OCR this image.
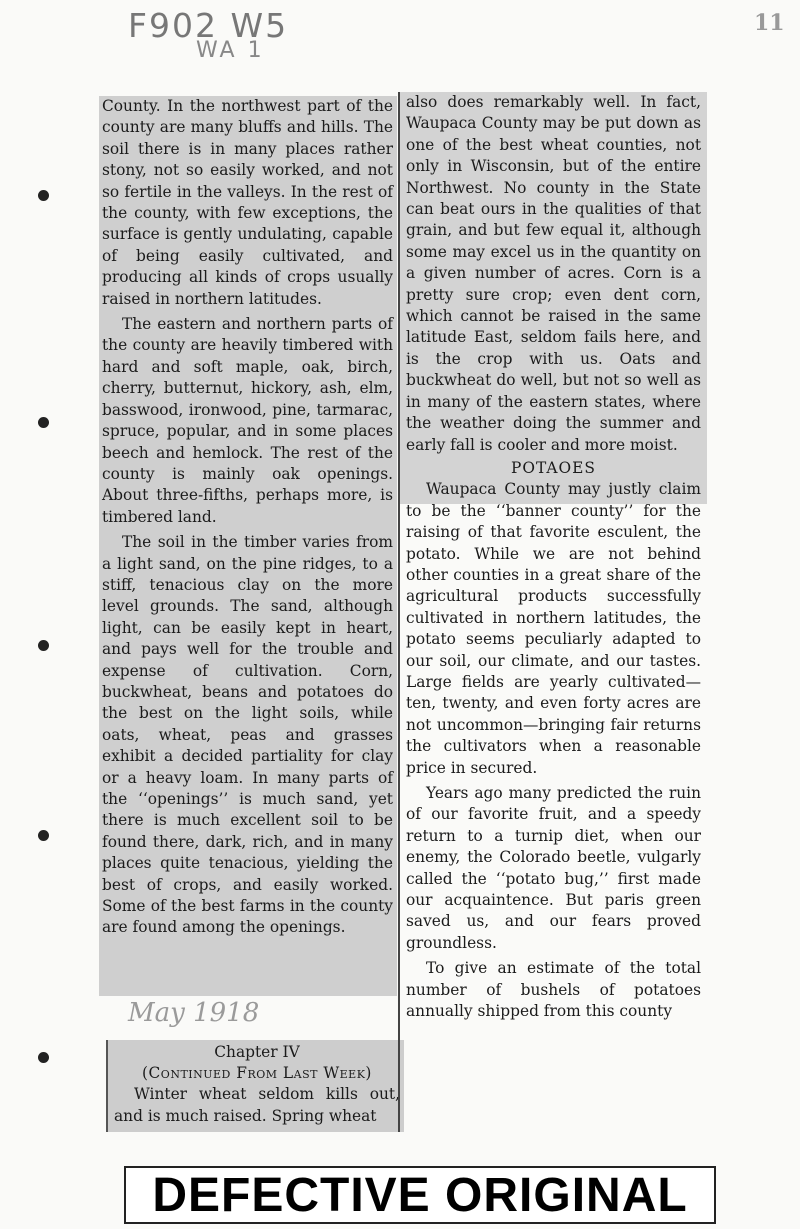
F902 W5
WA 1
11

County. In the northwest part of the county are many bluffs and hills. The soil there is in many places rather stony, not so easily worked, and not so fertile in the valleys. In the rest of the county, with few exceptions, the surface is gently undulating, capable of being easily cultivated, and producing all kinds of crops usually raised in northern latitudes.

The eastern and northern parts of the county are heavily timbered with hard and soft maple, oak, birch, cherry, butternut, hickory, ash, elm, basswood, ironwood, pine, tarmarac, spruce, popular, and in some places beech and hemlock. The rest of the county is mainly oak openings. About three-fifths, perhaps more, is timbered land.

The soil in the timber varies from a light sand, on the pine ridges, to a stiff, tenacious clay on the more level grounds. The sand, although light, can be easily kept in heart, and pays well for the trouble and expense of cultivation. Corn, buckwheat, beans and potatoes do the best on the light soils, while oats, wheat, peas and grasses exhibit a decided partiality for clay or a heavy loam. In many parts of the ‘‘openings’’ is much sand, yet there is much excellent soil to be found there, dark, rich, and in many places quite tenacious, yielding the best of crops, and easily worked. Some of the best farms in the county are found among the openings.

May 1918
Chapter IV
(Continued From Last Week)

Winter wheat seldom kills out, and is much raised. Spring wheat

also does remarkably well. In fact, Waupaca County may be put down as one of the best wheat counties, not only in Wisconsin, but of the entire Northwest. No county in the State can beat ours in the qualities of that grain, and but few equal it, although some may excel us in the quantity on a given number of acres. Corn is a pretty sure crop; even dent corn, which cannot be raised in the same latitude East, seldom fails here, and is the crop with us. Oats and buckwheat do well, but not so well as in many of the eastern states, where the weather doing the summer and early fall is cooler and more moist.

POTAOES

Waupaca County may justly claim to be the ‘‘banner county’’ for the raising of that favorite esculent, the potato. While we are not behind other counties in a great share of the agricultural products successfully cultivated in northern latitudes, the potato seems peculiarly adapted to our soil, our climate, and our tastes. Large fields are yearly cultivated—ten, twenty, and even forty acres are not uncommon—bringing fair returns the cultivators when a reasonable price in secured.

Years ago many predicted the ruin of our favorite fruit, and a speedy return to a turnip diet, when our enemy, the Colorado beetle, vulgarly called the ‘‘potato bug,’’ first made our acquaintence. But paris green saved us, and our fears proved groundless.

To give an estimate of the total number of bushels of potatoes annually shipped from this county

DEFECTIVE ORIGINAL
